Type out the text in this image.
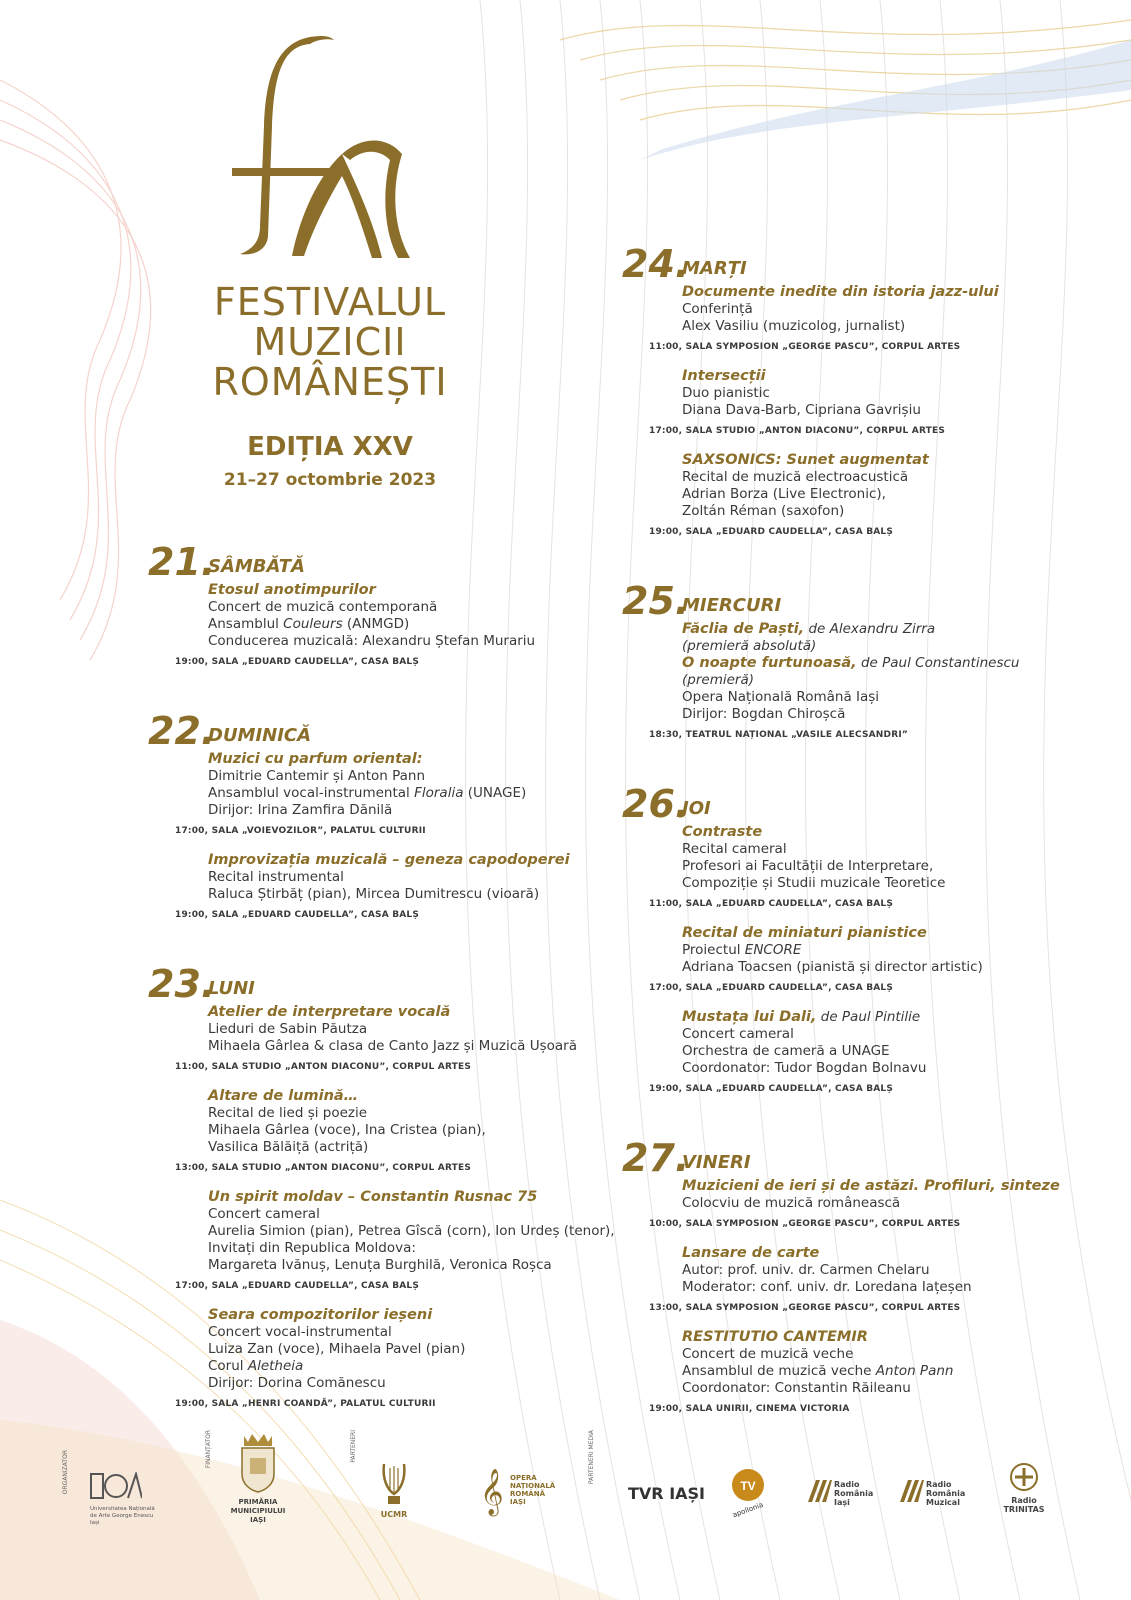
FESTIVALUL
MUZICII
ROMÂNEȘTI
EDIȚIA XXV
21–27 octombrie 2023
21.
SÂMBĂTĂ
Etosul anotimpurilor
Concert de muzică contemporană
Ansamblul Couleurs (ANMGD)
Conducerea muzicală: Alexandru Ștefan Murariu
19:00, SALA „EDUARD CAUDELLA”, CASA BALȘ
22.
DUMINICĂ
Muzici cu parfum oriental:
Dimitrie Cantemir și Anton Pann
Ansamblul vocal-instrumental Floralia (UNAGE)
Dirijor: Irina Zamfira Dănilă
17:00, SALA „VOIEVOZILOR”, PALATUL CULTURII
Improvizația muzicală – geneza capodoperei
Recital instrumental
Raluca Știrbăț (pian), Mircea Dumitrescu (vioară)
19:00, SALA „EDUARD CAUDELLA”, CASA BALȘ
23.
LUNI
Atelier de interpretare vocală
Lieduri de Sabin Păutza
Mihaela Gârlea & clasa de Canto Jazz și Muzică Ușoară
11:00, SALA STUDIO „ANTON DIACONU”, CORPUL ARTES
Altare de lumină…
Recital de lied și poezie
Mihaela Gârlea (voce), Ina Cristea (pian),
Vasilica Bălăiță (actriță)
13:00, SALA STUDIO „ANTON DIACONU”, CORPUL ARTES
Un spirit moldav – Constantin Rusnac 75
Concert cameral
Aurelia Simion (pian), Petrea Gîscă (corn), Ion Urdeș (tenor),
Invitați din Republica Moldova:
Margareta Ivănuș, Lenuța Burghilă, Veronica Roșca
17:00, SALA „EDUARD CAUDELLA”, CASA BALȘ
Seara compozitorilor ieșeni
Concert vocal-instrumental
Luiza Zan (voce), Mihaela Pavel (pian)
Corul Aletheia
Dirijor: Dorina Comănescu
19:00, SALA „HENRI COANDĂ”, PALATUL CULTURII
24.
MARȚI
Documente inedite din istoria jazz-ului
Conferință
Alex Vasiliu (muzicolog, jurnalist)
11:00, SALA SYMPOSION „GEORGE PASCU”, CORPUL ARTES
Intersecții
Duo pianistic
Diana Dava-Barb, Cipriana Gavrișiu
17:00, SALA STUDIO „ANTON DIACONU”, CORPUL ARTES
SAXSONICS: Sunet augmentat
Recital de muzică electroacustică
Adrian Borza (Live Electronic),
Zoltán Réman (saxofon)
19:00, SALA „EDUARD CAUDELLA”, CASA BALȘ
25.
MIERCURI
Făclia de Paști, de Alexandru Zirra
(premieră absolută)
O noapte furtunoasă, de Paul Constantinescu
(premieră)
Opera Națională Română Iași
Dirijor: Bogdan Chiroșcă
18:30, TEATRUL NAȚIONAL „VASILE ALECSANDRI”
26.
JOI
Contraste
Recital cameral
Profesori ai Facultății de Interpretare,
Compoziție și Studii muzicale Teoretice
11:00, SALA „EDUARD CAUDELLA”, CASA BALȘ
Recital de miniaturi pianistice
Proiectul ENCORE
Adriana Toacsen (pianistă și director artistic)
17:00, SALA „EDUARD CAUDELLA”, CASA BALȘ
Mustața lui Dali, de Paul Pintilie
Concert cameral
Orchestra de cameră a UNAGE
Coordonator: Tudor Bogdan Bolnavu
19:00, SALA „EDUARD CAUDELLA”, CASA BALȘ
27.
VINERI
Muzicieni de ieri și de astăzi. Profiluri, sinteze
Colocviu de muzică românească
10:00, SALA SYMPOSION „GEORGE PASCU”, CORPUL ARTES
Lansare de carte
Autor: prof. univ. dr. Carmen Chelaru
Moderator: conf. univ. dr. Loredana Iațeșen
13:00, SALA SYMPOSION „GEORGE PASCU”, CORPUL ARTES
RESTITUTIO CANTEMIR
Concert de muzică veche
Ansamblul de muzică veche Anton Pann
Coordonator: Constantin Răileanu
19:00, SALA UNIRII, CINEMA VICTORIA
ORGANIZATOR
Universitatea Națională
de Arte George Enescu
Iași
FINANȚATOR
PRIMĂRIA
MUNICIPIULUI
IAȘI
PARTENERI
UCMR 𝄞 OPERA
NAȚIONALĂ
ROMÂNĂ
IAȘI
PARTENERI MEDIA
TVR IAȘI	TV
apollonia
Radio
România
Iași
Radio
România
Muzical	Radio
TRINITAS
